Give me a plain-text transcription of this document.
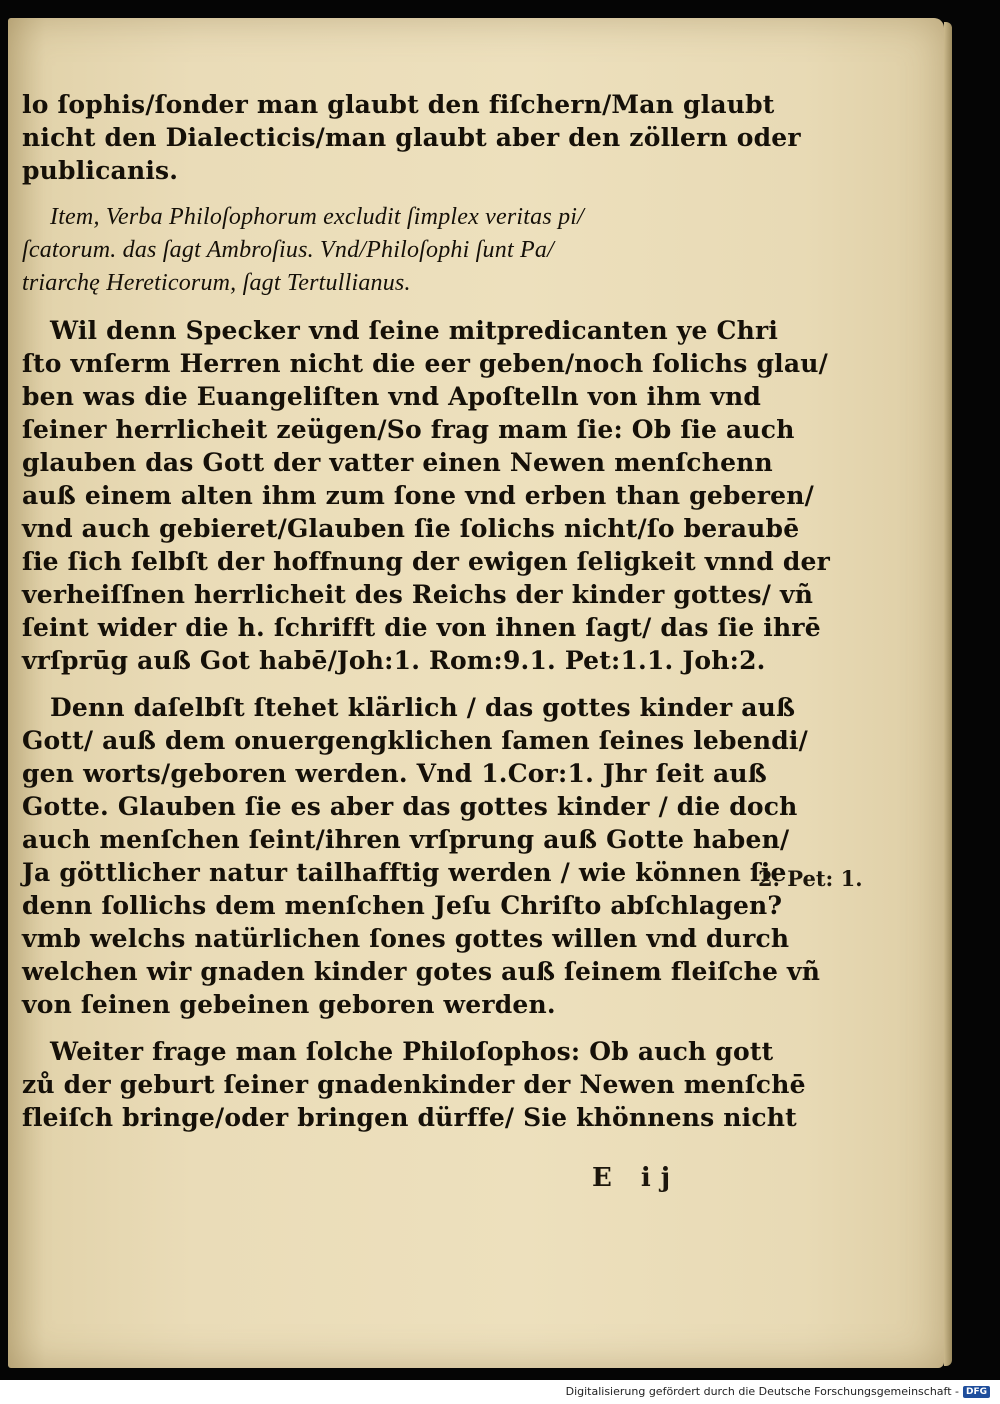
lo ſophis/ſonder man glaubt den fiſchern/Man glaubt
nicht den Dialecticis/man glaubt aber den zöllern oder
publicanis.
Item, Verba Philoſophorum excludit ſimplex veritas pi/
ſcatorum. das ſagt Ambroſius. Vnd/Philoſophi ſunt Pa/
triarchę Hereticorum, ſagt Tertullianus.
Wil denn Specker vnd ſeine mitpredicanten ye Chri
ſto vnſerm Herren nicht die eer geben/noch ſolichs glau/
ben was die Euangeliſten vnd Apoſtelln von ihm vnd
ſeiner herrlicheit zeügen/So frag mam ſie: Ob ſie auch
glauben das Gott der vatter einen Newen menſchenn
auß einem alten ihm zum ſone vnd erben than geberen/
vnd auch gebieret/Glauben ſie ſolichs nicht/ſo beraubē
ſie ſich ſelbſt der hoffnung der ewigen ſeligkeit vnnd der
verheiſſnen herrlicheit des Reichs der kinder gottes/ vñ
ſeint wider die h. ſchrifft die von ihnen ſagt/ das ſie ihrē
vrſprūg auß Got habē/Joh:1. Rom:9.1. Pet:1.1. Joh:2.
Denn daſelbſt ſtehet klärlich / das gottes kinder auß
Gott/ auß dem onuergengklichen ſamen ſeines lebendi/
gen worts/geboren werden. Vnd 1.Cor:1. Jhr ſeit auß
Gotte. Glauben ſie es aber das gottes kinder / die doch
auch menſchen ſeint/ihren vrſprung auß Gotte haben/
Ja göttlicher natur tailhafftig werden / wie können ſie
denn ſollichs dem menſchen Jeſu Chriſto abſchlagen?
vmb welchs natürlichen ſones gottes willen vnd durch
welchen wir gnaden kinder gotes auß ſeinem fleiſche vñ
von ſeinen gebeinen geboren werden.
Weiter frage man ſolche Philoſophos: Ob auch gott
zů der geburt ſeiner gnadenkinder der Newen menſchē
fleiſch bringe/oder bringen dürffe/ Sie khönnens nicht
2. Pet: 1.
E ij
Digitalisierung gefördert durch die Deutsche Forschungsgemeinschaft - DFG
